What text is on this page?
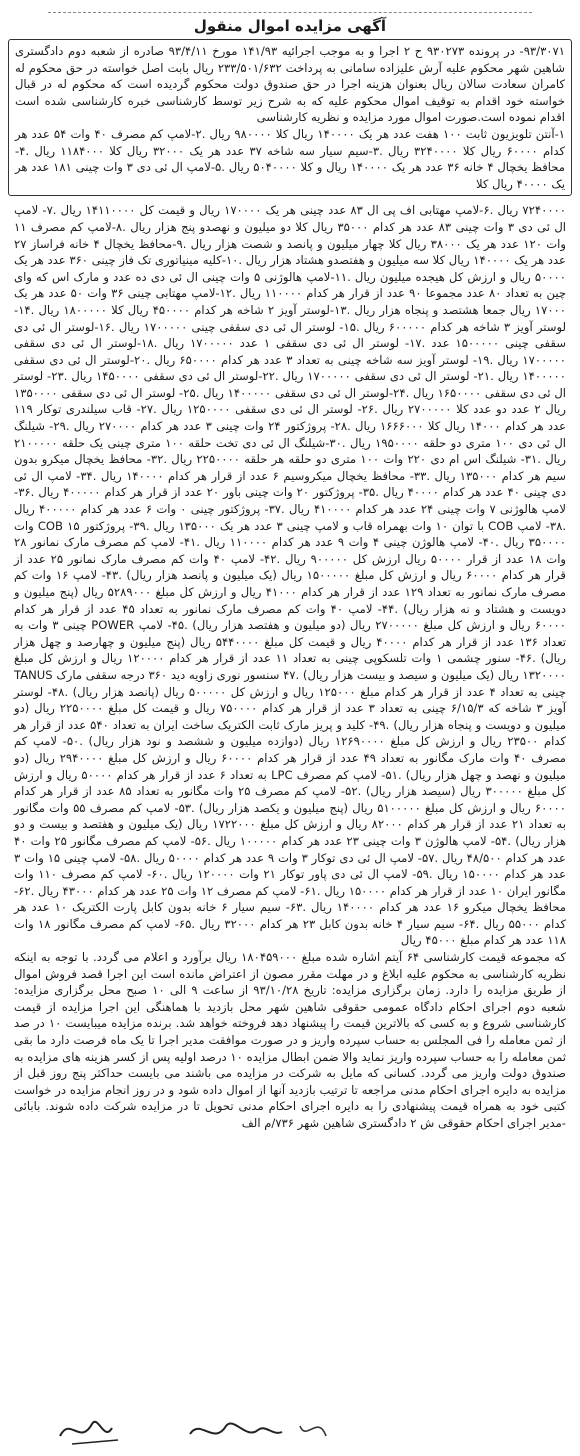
آگهی مزایده اموال منقول

۹۳/۳۰۷۱- در پرونده ۹۳۰۲۷۳ ح ۲ اجرا و به موجب اجرائیه ۱۴۱/۹۳ مورخ ۹۳/۴/۱۱ صادره از شعبه دوم دادگستری شاهین شهر محکوم علیه آرش علیزاده سامانی به پرداخت ۲۳۳/۵۰۱/۶۳۲ ریال بابت اصل خواسته در حق محکوم له کامران سعادت سالان ریال بعنوان هزینه اجرا در حق صندوق دولت محکوم گردیده است که محکوم له در قبال خواسته خود اقدام به توقیف اموال محکوم علیه که به شرح زیر توسط کارشناسی خبره کارشناسی شده است اقدام نموده است.صورت اموال مورد مزایده و نظریه کارشناسی

۱-آنتن تلویزیون ثابت ۱۰۰ هفت عدد هر یک ۱۴۰۰۰۰ ریال کلا ۹۸۰۰۰۰ ریال .۲-لامپ کم مصرف ۴۰ وات ۵۴ عدد هر کدام ۶۰۰۰۰ ریال کلا ۳۲۴۰۰۰۰ ریال .۳-سیم سیار سه شاخه ۳۷ عدد هر یک ۳۲۰۰۰ ریال کلا ۱۱۸۴۰۰۰ ریال .۴-محافظ یخچال ۴ خانه ۳۶ عدد هر یک ۱۴۰۰۰۰ ریال و کلا ۵۰۴۰۰۰۰ ریال .۵-لامپ ال ئی دی ۳ وات چینی ۱۸۱ عدد هر یک ۴۰۰۰۰ ریال کلا

۷۲۴۰۰۰۰ ریال .۶-لامپ مهتابی اف پی ال ۸۳ عدد چینی هر یک ۱۷۰۰۰۰ ریال و قیمت کل ۱۴۱۱۰۰۰۰ ریال .۷- لامپ ال ئی دی ۳ وات چینی ۸۳ عدد هر کدام ۳۵۰۰۰ ریال کلا دو میلیون و نهصدو پنج هزار ریال .۸-لامپ کم مصرف ۱۱ وات ۱۲۰ عدد هر یک ۳۸۰۰۰ ریال کلا چهار میلیون و پانصد و شصت هزار ریال .۹-محافظ یخچال ۴ خانه فراساز ۲۷ عدد هر یک ۱۴۰۰۰۰ ریال کلا سه میلیون و هفتصدو هشتاد هزار ریال .۱۰-کلیه مینیاتوری تک فاز چینی ۳۶۰ عدد هر یک ۵۰۰۰۰ ریال و ارزش کل هیجده میلیون ریال .۱۱-لامپ هالوژنی ۵ وات چینی ال ئی دی ده عدد و مارک اس که وای چین به تعداد ۸۰ عدد مجموعا ۹۰ عدد از قرار هر کدام ۱۱۰۰۰۰ ریال .۱۲-لامپ مهتابی چینی ۳۶ وات ۵۰ عدد هر یک ۱۷۰۰۰ ریال جمعا هشتصد و پنجاه هزار ریال .۱۳-لوستر آویز ۲ شاخه هر کدام ۴۵۰۰۰۰ ریال کلا ۱۸۰۰۰۰۰ ریال .۱۴-لوستر آویز ۳ شاخه هر کدام ۶۰۰۰۰۰ ریال .۱۵- لوستر ال ئی دی سقفی چینی ۱۷۰۰۰۰۰ ریال .۱۶-لوستر ال ئی دی سقفی چینی ۱۵۰۰۰۰۰ عدد .۱۷- لوستر ال ئی دی سقفی ۱ عدد ۱۷۰۰۰۰۰ ریال .۱۸-لوستر ال ئی دی سقفی ۱۷۰۰۰۰۰ ریال .۱۹- لوستر آویز سه شاخه چینی به تعداد ۳ عدد هر کدام ۶۵۰۰۰۰ ریال .۲۰-لوستر ال ئی دی سقفی ۱۴۰۰۰۰۰ ریال .۲۱- لوستر ال ئی دی سقفی ۱۷۰۰۰۰۰ ریال .۲۲-لوستر ال ئی دی سقفی ۱۴۵۰۰۰۰ ریال .۲۳- لوستر ال ئی دی سقفی ۱۶۵۰۰۰۰ ریال .۲۴-لوستر ال ئی دی سقفی ۱۴۰۰۰۰۰ ریال .۲۵- لوستر ال ئی دی سقفی ۱۳۵۰۰۰۰ ریال ۲ عدد دو عدد کلا ۲۷۰۰۰۰۰ ریال .۲۶- لوستر ال ئی دی سقفی ۱۲۵۰۰۰۰ ریال .۲۷- قاب سیلندری توکار ۱۱۹ عدد هر کدام ۱۴۰۰۰ ریال کلا ۱۶۶۶۰۰۰ ریال .۲۸- پروژکتور ۲۴ وات چینی ۳ عدد هر کدام ۲۷۰۰۰۰ ریال .۲۹- شیلنگ ال ئی دی ۱۰۰ متری دو حلقه ۱۹۵۰۰۰۰ ریال .۳۰-شیلنگ ال ئی دی تخت حلقه ۱۰۰ متری چینی یک حلقه ۲۱۰۰۰۰۰ ریال .۳۱- شیلنگ اس ام دی ۲۲۰ وات ۱۰۰ متری دو حلقه هر حلقه ۲۲۵۰۰۰۰ ریال .۳۲- محافظ یخچال میکرو بدون سیم هر کدام ۱۳۵۰۰۰ ریال .۳۳- محافظ یخچال میکروسیم ۶ عدد از قرار هر کدام ۱۴۰۰۰۰ ریال .۳۴- لامپ ال ئی دی چینی ۴۰ عدد هر کدام ۴۰۰۰۰ ریال .۳۵- پروژکتور ۲۰ وات چینی باور ۲۰ عدد از قرار هر کدام ۴۰۰۰۰۰ ریال .۳۶- لامپ هالوژنی ۷ وات چینی ۲۴ عدد هر کدام ۴۱۰۰۰۰ ریال .۳۷- پروژکتور چینی ۰ وات ۶ عدد هر کدام ۴۰۰۰۰۰ ریال .۳۸- لامپ COB با توان ۱۰ وات بهمراه قاب و لامپ چینی ۳ عدد هر یک ۱۳۵۰۰۰ ریال .۳۹- پروژکتور COB ۱۵ وات ۳۵۰۰۰۰ ریال .۴۰- لامپ هالوژن چینی ۴ وات ۹ عدد هر کدام ۱۱۰۰۰۰ ریال .۴۱- لامپ کم مصرف مارک نمانور ۲۸ وات ۱۸ عدد از قرار ۵۰۰۰۰ ریال ارزش کل ۹۰۰۰۰۰ ریال .۴۲- لامپ ۴۰ وات کم مصرف مارک نمانور ۲۵ عدد از قرار هر کدام ۶۰۰۰۰ ریال و ارزش کل مبلغ ۱۵۰۰۰۰۰ ریال (یک میلیون و پانصد هزار ریال) .۴۳- لامپ ۱۶ وات کم مصرف مارک نمانور به تعداد ۱۲۹ عدد از قرار هر کدام ۴۱۰۰۰ ریال و ارزش کل مبلغ ۵۲۸۹۰۰۰ ریال (پنج میلیون و دویست و هشتاد و نه هزار ریال) .۴۴- لامپ ۴۰ وات کم مصرف مارک نمانور به تعداد ۴۵ عدد از قرار هر کدام ۶۰۰۰۰ ریال و ارزش کل مبلغ ۲۷۰۰۰۰۰ ریال (دو میلیون و هفتصد هزار ریال) .۴۵- لامپ POWER چینی ۳ وات به تعداد ۱۳۶ عدد از قرار هر کدام ۴۰۰۰۰ ریال و قیمت کل مبلغ ۵۴۴۰۰۰۰ ریال (پنج میلیون و چهارصد و چهل هزار ریال) .۴۶- سنور چشمی ۱ وات تلسکوپی چینی به تعداد ۱۱ عدد از قرار هر کدام ۱۲۰۰۰۰ ریال و ارزش کل مبلغ ۱۳۲۰۰۰۰ ریال (یک میلیون و سیصد و بیست هزار ریال) .۴۷ سنسور نوری زاویه دید ۳۶۰ درجه سقفی مارک TANUS چینی به تعداد ۴ عدد از قرار هر کدام مبلغ ۱۲۵۰۰۰ ریال و ارزش کل ۵۰۰۰۰۰ ریال (پانصد هزار ریال) .۴۸- لوستر آویز ۳ شاخه که ۶/۱۵/۳ چینی به تعداد ۳ عدد از قرار هر کدام ۷۵۰۰۰۰ ریال و قیمت کل مبلغ ۲۲۵۰۰۰۰ ریال (دو میلیون و دویست و پنجاه هزار ریال) .۴۹- کلید و پریز مارک ثابت الکتریک ساخت ایران به تعداد ۵۴۰ عدد از قرار هر کدام ۲۳۵۰۰ ریال و ارزش کل مبلغ ۱۲۶۹۰۰۰۰ ریال (دوازده میلیون و ششصد و نود هزار ریال) .۵۰- لامپ کم مصرف ۴۰ وات مارک مگانور به تعداد ۴۹ عدد از قرار هر کدام ۶۰۰۰۰ ریال و ارزش کل مبلغ ۲۹۴۰۰۰۰ ریال (دو میلیون و نهصد و چهل هزار ریال) .۵۱- لامپ کم مصرف LPC به تعداد ۶ عدد از قرار هر کدام ۵۰۰۰۰ ریال و ارزش کل مبلغ ۳۰۰۰۰۰ ریال (سیصد هزار ریال) .۵۲- لامپ کم مصرف ۲۵ وات مگانور به تعداد ۸۵ عدد از قرار هر کدام ۶۰۰۰۰ ریال و ارزش کل مبلغ ۵۱۰۰۰۰۰ ریال (پنج میلیون و یکصد هزار ریال) .۵۳- لامپ کم مصرف ۵۵ وات مگانور به تعداد ۲۱ عدد از قرار هر کدام ۸۲۰۰۰ ریال و ارزش کل مبلغ ۱۷۲۲۰۰۰ ریال (یک میلیون و هفتصد و بیست و دو هزار ریال) .۵۴- لامپ هالوژن ۳ وات چینی ۲۳ عدد هر کدام ۱۰۰۰۰۰ ریال .۵۶- لامپ کم مصرف مگانور ۲۵ وات ۴۰ عدد هر کدام ۴۸/۵۰۰ ریال .۵۷- لامپ ال ئی دی توکار ۳ وات ۹ عدد هر کدام ۵۰۰۰۰ ریال .۵۸- لامپ چینی ۱۵ وات ۳ عدد هر کدام ۱۵۰۰۰۰ ریال .۵۹- لامپ ال ئی دی پاور توکار ۲۱ وات ۱۲۰۰۰۰ ریال .۶۰- لامپ کم مصرف ۱۱۰ وات مگانور ایران ۱۰ عدد از قرار هر کدام ۱۵۰۰۰۰ ریال .۶۱- لامپ کم مصرف ۱۲ وات ۲۵ عدد هر کدام ۴۳۰۰۰ ریال .۶۲- محافظ یخچال میکرو ۱۶ عدد هر کدام ۱۴۰۰۰۰ ریال .۶۳- سیم سیار ۶ خانه بدون کابل پارت الکتریک ۱۰ عدد هر کدام ۵۵۰۰۰ ریال .۶۴- سیم سیار ۴ خانه بدون کابل ۲۳ هر کدام ۳۲۰۰۰ ریال .۶۵- لامپ کم مصرف مگانور ۱۸ وات ۱۱۸ عدد هر کدام مبلغ ۴۵۰۰۰ ریال

که مجموعه قیمت کارشناسی ۶۴ آیتم اشاره شده مبلغ ۱۸۰۴۵۹۰۰۰ ریال برآورد و اعلام می گردد. با توجه به اینکه نظریه کارشناسی به محکوم علیه ابلاغ و در مهلت مقرر مصون از اعتراض مانده است این اجرا قصد فروش اموال از طریق مزایده را دارد. زمان برگزاری مزایده: تاریخ ۹۳/۱۰/۲۸ از ساعت ۹ الی ۱۰ صبح محل برگزاری مزایده: شعبه دوم اجرای احکام دادگاه عمومی حقوقی شاهین شهر محل بازدید با هماهنگی این اجرا مزایده از قیمت کارشناسی شروع و به کسی که بالاترین قیمت را پیشنهاد دهد فروخته خواهد شد. برنده مزایده میبایست ۱۰ در صد از ثمن معامله را فی المجلس به حساب سپرده واریز و در صورت موافقت مدیر اجرا تا یک ماه فرصت دارد ما بقی ثمن معامله را به حساب سپرده واریز نماید والا ضمن ابطال مزایده ۱۰ درصد اولیه پس از کسر هزینه های مزایده به صندوق دولت واریز می گردد. کسانی که مایل به شرکت در مزایده می باشند می بایست حداکثر پنج روز قبل از مزایده به دایره اجرای احکام مدنی مراجعه تا ترتیب بازدید آنها از اموال داده شود و در روز انجام مزایده در خواست کتبی خود به همراه قیمت پیشنهادی را به دایره اجرای احکام مدنی تحویل تا در مزایده شرکت داده شوند. بابائی -مدیر اجرای احکام حقوقی ش ۲ دادگستری شاهین شهر ۷۳۶/م الف
